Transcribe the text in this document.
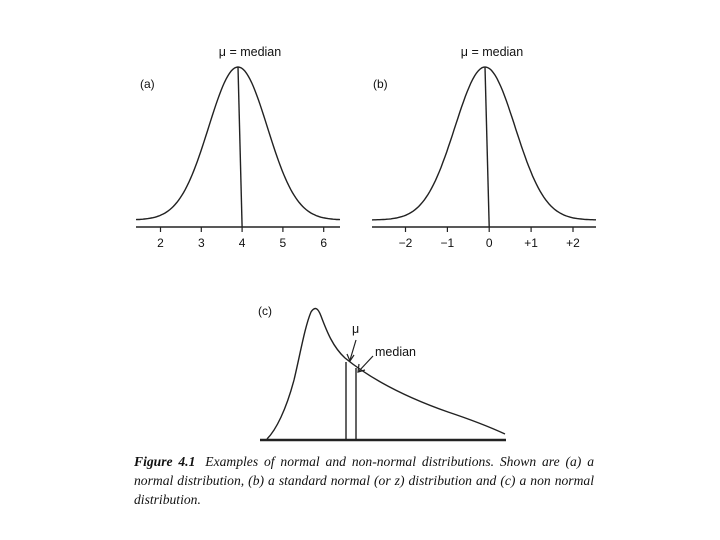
(a)
μ = median
2	3	4	5	6
(b)
μ = median
−2 −1	0	+1 +2
(c)
μ
median
Figure 4.1 Examples of normal and non-normal distributions. Shown are (a) a normal distribution, (b) a standard normal (or z) distribution and (c) a non normal distribution.
